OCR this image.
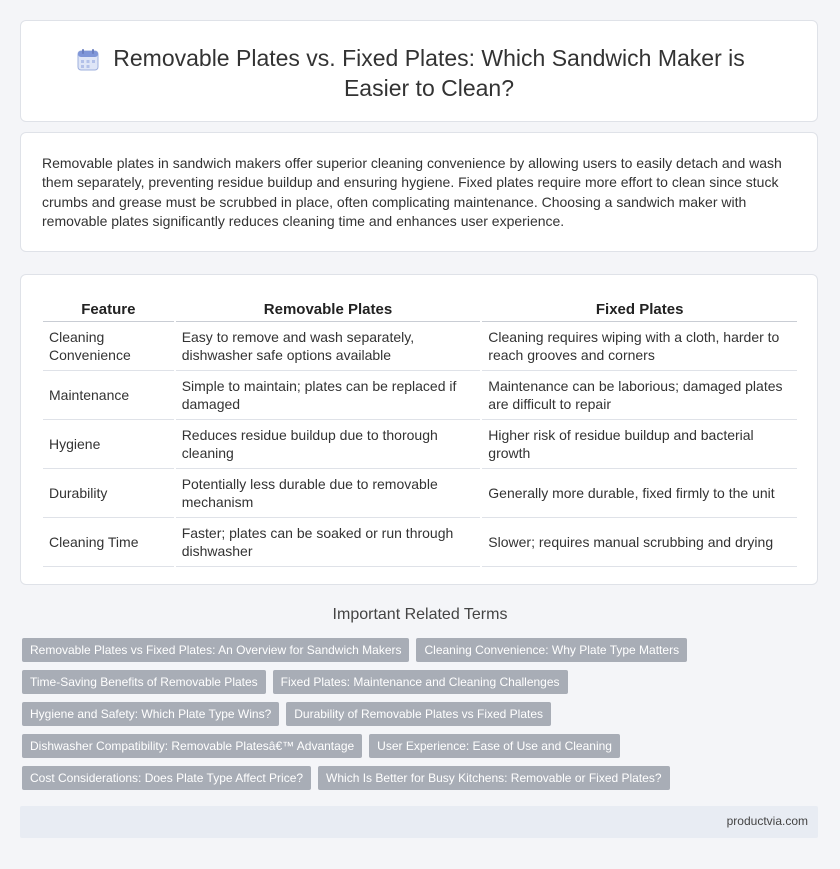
Removable Plates vs. Fixed Plates: Which Sandwich Maker is Easier to Clean?

Removable plates in sandwich makers offer superior cleaning convenience by allowing users to easily detach and wash them separately, preventing residue buildup and ensuring hygiene. Fixed plates require more effort to clean since stuck crumbs and grease must be scrubbed in place, often complicating maintenance. Choosing a sandwich maker with removable plates significantly reduces cleaning time and enhances user experience.

Feature	Removable Plates	Fixed Plates
Cleaning Convenience	Easy to remove and wash separately, dishwasher safe options available	Cleaning requires wiping with a cloth, harder to reach grooves and corners
Maintenance	Simple to maintain; plates can be replaced if damaged	Maintenance can be laborious; damaged plates are difficult to repair
Hygiene	Reduces residue buildup due to thorough cleaning	Higher risk of residue buildup and bacterial growth
Durability	Potentially less durable due to removable mechanism	Generally more durable, fixed firmly to the unit
Cleaning Time	Faster; plates can be soaked or run through dishwasher	Slower; requires manual scrubbing and drying
Important Related Terms
Removable Plates vs Fixed Plates: An Overview for Sandwich Makers	Cleaning Convenience: Why Plate Type Matters
Time-Saving Benefits of Removable Plates	Fixed Plates: Maintenance and Cleaning Challenges
Hygiene and Safety: Which Plate Type Wins?	Durability of Removable Plates vs Fixed Plates
Dishwasher Compatibility: Removable Platesâ€™ Advantage	User Experience: Ease of Use and Cleaning
Cost Considerations: Does Plate Type Affect Price?	Which Is Better for Busy Kitchens: Removable or Fixed Plates?
productvia.com
